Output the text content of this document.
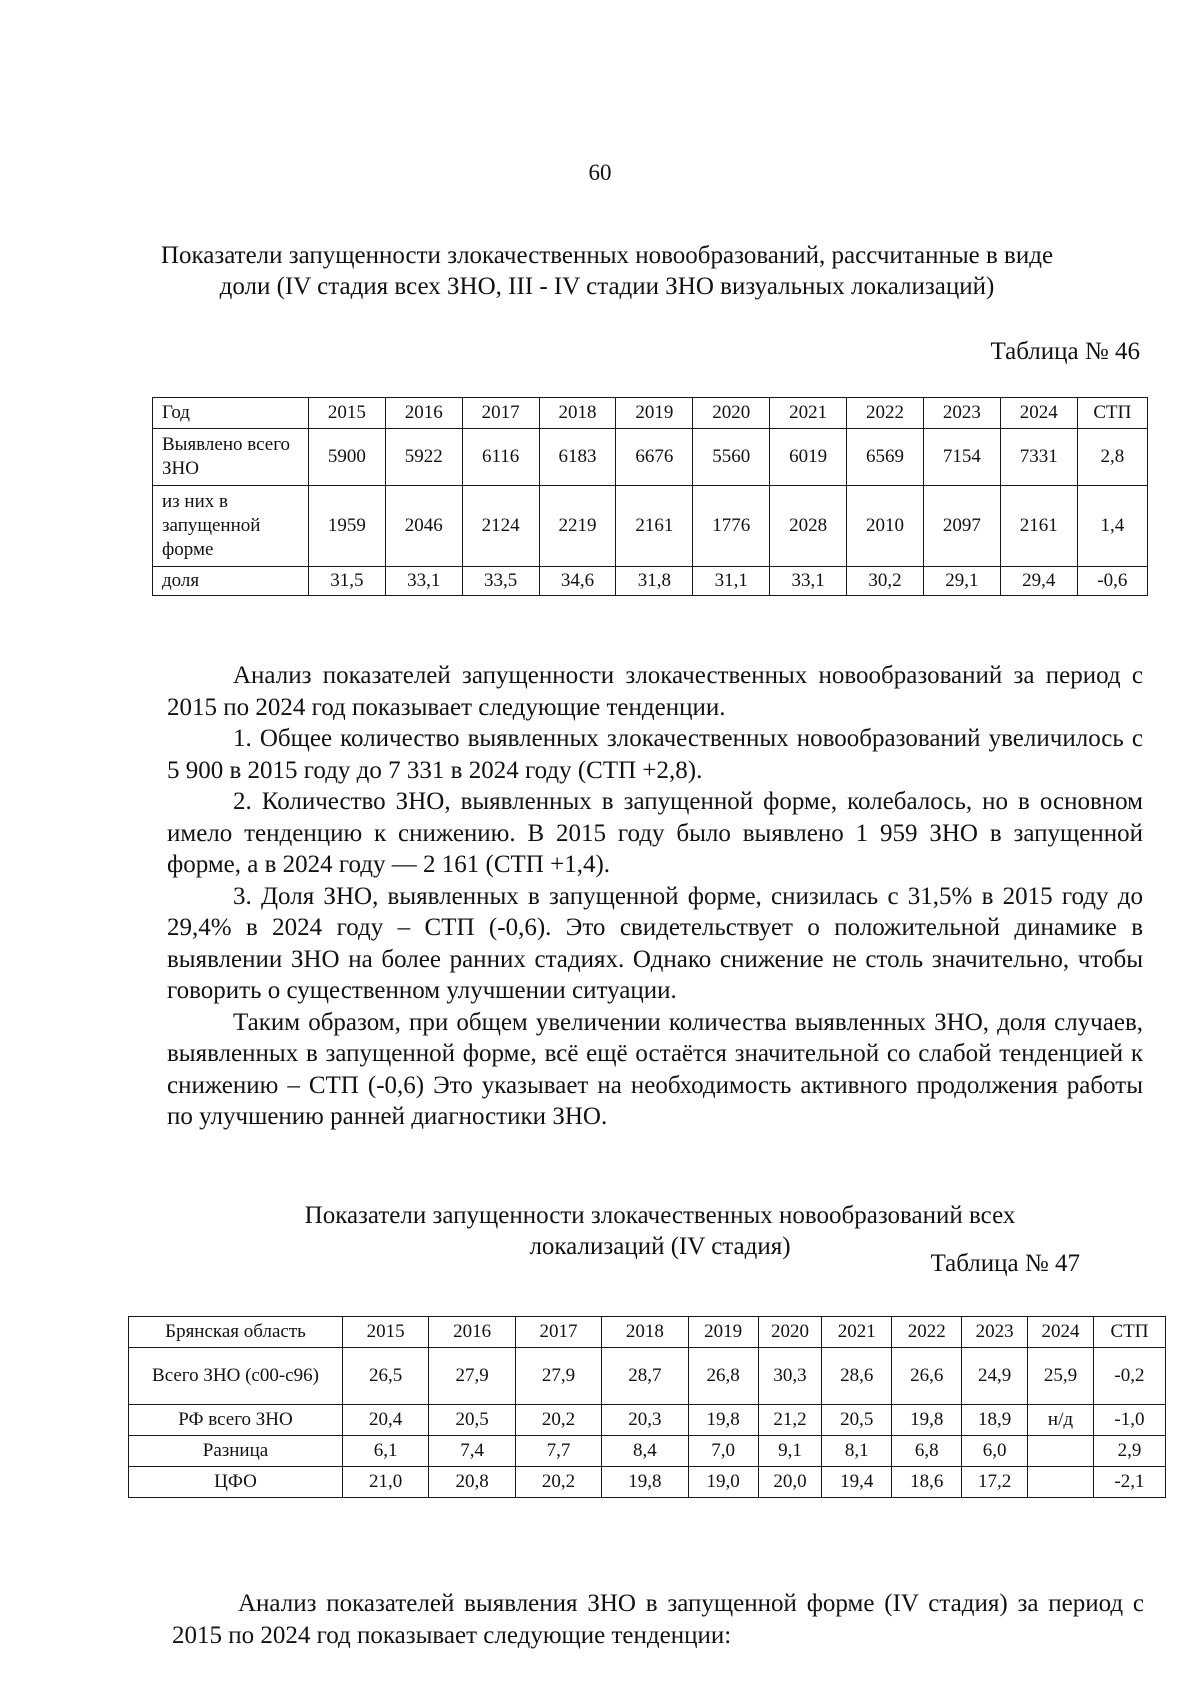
60
Показатели запущенности злокачественных новообразований, рассчитанные в виде доли (IV стадия всех ЗНО, III - IV стадии ЗНО визуальных локализаций)
Таблица № 46
Год	2015	2016	2017	2018	2019	2020	2021	2022	2023	2024	СТП
Выявлено всего ЗНО	5900	5922	6116	6183	6676	5560	6019	6569	7154	7331	2,8
из них в запущенной форме	1959	2046	2124	2219	2161	1776	2028	2010	2097	2161	1,4
доля	31,5	33,1	33,5	34,6	31,8	31,1	33,1	30,2	29,1	29,4	-0,6

Анализ показателей запущенности злокачественных новообразований за период с 2015 по 2024 год показывает следующие тенденции.

1. Общее количество выявленных злокачественных новообразований увеличилось с 5 900 в 2015 году до 7 331 в 2024 году (СТП +2,8).

2. Количество ЗНО, выявленных в запущенной форме, колебалось, но в основном имело тенденцию к снижению. В 2015 году было выявлено 1 959 ЗНО в запущенной форме, а в 2024 году — 2 161 (СТП +1,4).

3. Доля ЗНО, выявленных в запущенной форме, снизилась с 31,5% в 2015 году до 29,4% в 2024 году – СТП (-0,6). Это свидетельствует о положительной динамике в выявлении ЗНО на более ранних стадиях. Однако снижение не столь значительно, чтобы говорить о существенном улучшении ситуации.

Таким образом, при общем увеличении количества выявленных ЗНО, доля случаев, выявленных в запущенной форме, всё ещё остаётся значительной со слабой тенденцией к снижению – СТП (-0,6) Это указывает на необходимость активного продолжения работы по улучшению ранней диагностики ЗНО.

Показатели запущенности злокачественных новообразований всех локализаций (IV стадия)
Таблица № 47
Брянская область	2015	2016	2017	2018	2019	2020	2021	2022	2023	2024	СТП
Всего ЗНО (с00-с96)	26,5	27,9	27,9	28,7	26,8	30,3	28,6	26,6	24,9	25,9	-0,2
РФ всего ЗНО	20,4	20,5	20,2	20,3	19,8	21,2	20,5	19,8	18,9	н/д	-1,0
Разница	6,1	7,4	7,7	8,4	7,0	9,1	8,1	6,8	6,0		2,9
ЦФО	21,0	20,8	20,2	19,8	19,0	20,0	19,4	18,6	17,2		-2,1

Анализ показателей выявления ЗНО в запущенной форме (IV стадия) за период с 2015 по 2024 год показывает следующие тенденции:
